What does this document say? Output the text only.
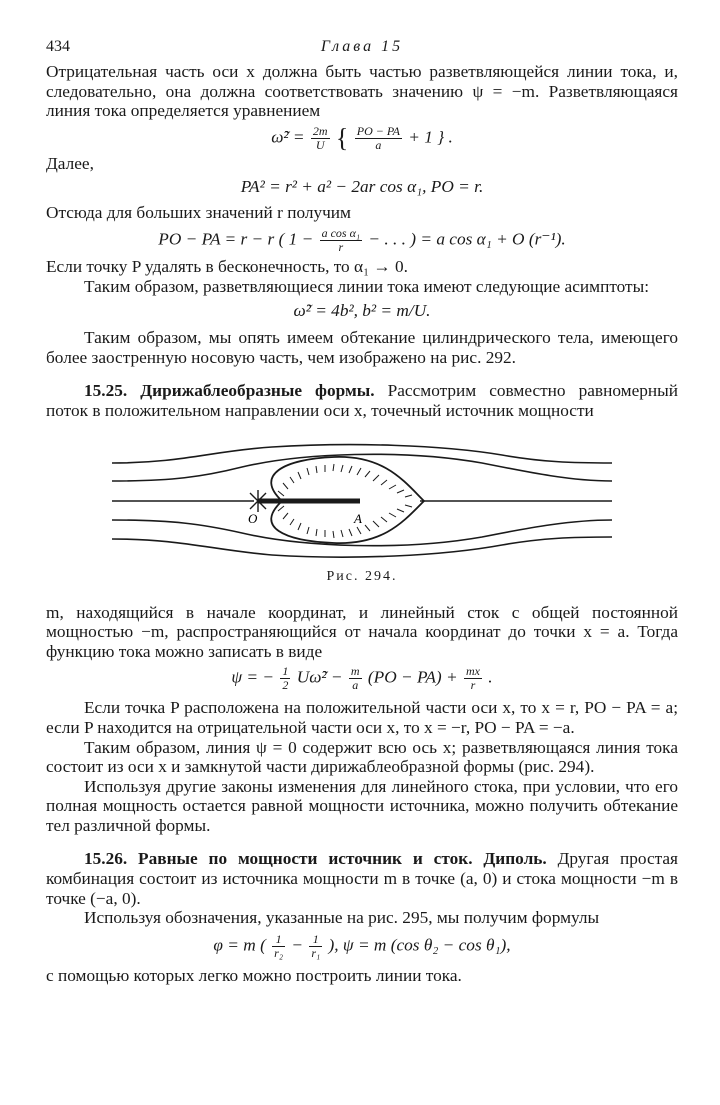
434	Глава 15

Отрицательная часть оси x должна быть частью разветвляющейся линии тока, и, следовательно, она должна соответствовать значению ψ = −m. Разветвляющаяся линия тока определяется уравнением

ω̃² = $\frac{2m}{U}$ { $\frac{PO - PA}{a} + 1$ } .

Далее,

PA² = r² + a² − 2ar cos α₁, PO = r.

Отсюда для больших значений r получим

PO − PA = r − r ( $1 - \frac{\text{a cos α₁}}{r}$ − . . . ) = a cos α₁ + O (r⁻¹).

Если точку P удалять в бесконечность, то α₁ → 0.

Таким образом, разветвляющиеся линии тока имеют следующие асимптоты:

ω̃² = 4b², b² = m/U.

Таким образом, мы опять имеем обтекание цилиндрического тела, имеющего более заостренную носовую часть, чем изображено на рис. 292.

15.25. Дирижаблеобразные формы. Рассмотрим совместно равномерный поток в положительном направлении оси x, точечный источник мощности

O	A
Рис. 294.

m, находящийся в начале координат, и линейный сток с общей постоянной мощностью −m, распространяющийся от начала координат до точки x = a. Тогда функцию тока можно записать в виде

ψ = − $\frac{1}{2}$ Uω̃² − $\frac{m}{a} (PO - PA) + \frac{mx}{r}$ .

Если точка P расположена на положительной части оси x, то x = r, PO − PA = a; если P находится на отрицательной части оси x, то x = −r, PO − PA = −a.

Таким образом, линия ψ = 0 содержит всю ось x; разветвляющаяся линия тока состоит из оси x и замкнутой части дирижаблеобразной формы (рис. 294).

Используя другие законы изменения для линейного стока, при условии, что его полная мощность остается равной мощности источника, можно получить обтекание тел различной формы.

15.26. Равные по мощности источник и сток. Диполь. Другая простая комбинация состоит из источника мощности m в точке (a, 0) и стока мощности −m в точке (−a, 0).

Используя обозначения, указанные на рис. 295, мы получим формулы

φ = m ( $\frac{1}{\text{r₂}} - \frac{1}{\text{r₁}}$ ), ψ = m (cos θ₂ − cos θ₁),

с помощью которых легко можно построить линии тока.
